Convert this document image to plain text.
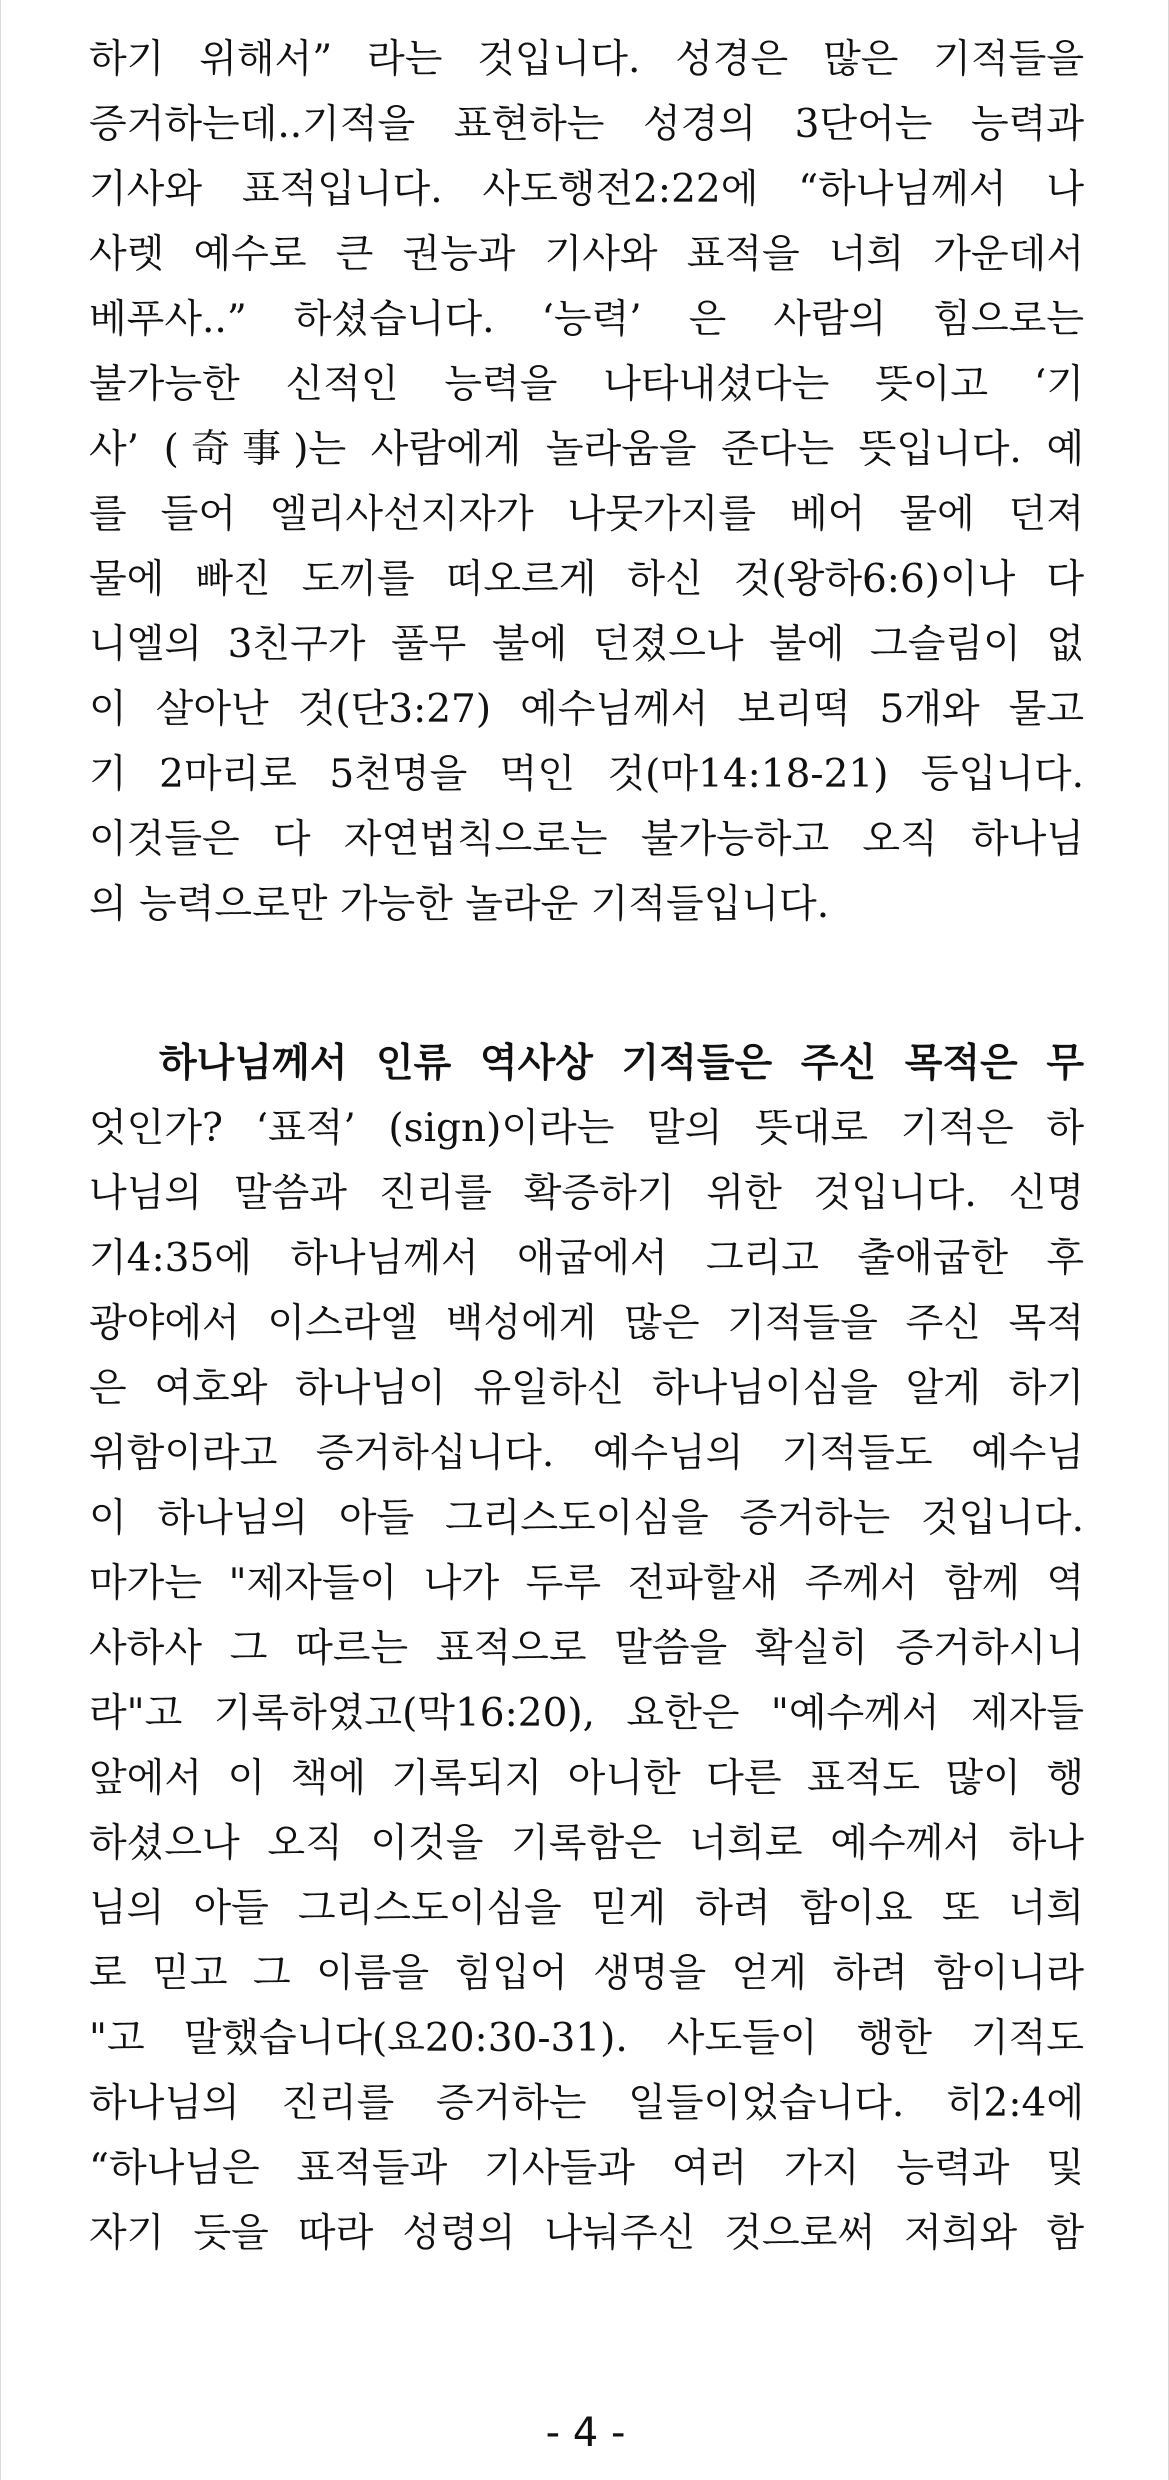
하기 위해서” 라는 것입니다. 성경은 많은 기적들을
증거하는데..기적을 표현하는 성경의 3단어는 능력과
기사와 표적입니다. 사도행전2:22에 “하나님께서 나
사렛 예수로 큰 권능과 기사와 표적을 너희 가운데서
베푸사..” 하셨습니다. ‘능력’ 은 사람의 힘으로는
불가능한 신적인 능력을 나타내셨다는 뜻이고 ‘기
사’ (奇事)는 사람에게 놀라움을 준다는 뜻입니다. 예
를 들어 엘리사선지자가 나뭇가지를 베어 물에 던져
물에 빠진 도끼를 떠오르게 하신 것(왕하6:6)이나 다
니엘의 3친구가 풀무 불에 던졌으나 불에 그슬림이 없
이 살아난 것(단3:27) 예수님께서 보리떡 5개와 물고
기 2마리로 5천명을 먹인 것(마14:18-21) 등입니다.
이것들은 다 자연법칙으로는 불가능하고 오직 하나님
의 능력으로만 가능한 놀라운 기적들입니다.
하나님께서 인류 역사상 기적들은 주신 목적은 무
엇인가? ‘표적’ (sign)이라는 말의 뜻대로 기적은 하
나님의 말씀과 진리를 확증하기 위한 것입니다. 신명
기4:35에 하나님께서 애굽에서 그리고 출애굽한 후
광야에서 이스라엘 백성에게 많은 기적들을 주신 목적
은 여호와 하나님이 유일하신 하나님이심을 알게 하기
위함이라고 증거하십니다. 예수님의 기적들도 예수님
이 하나님의 아들 그리스도이심을 증거하는 것입니다.
마가는 "제자들이 나가 두루 전파할새 주께서 함께 역
사하사 그 따르는 표적으로 말씀을 확실히 증거하시니
라"고 기록하였고(막16:20), 요한은 "예수께서 제자들
앞에서 이 책에 기록되지 아니한 다른 표적도 많이 행
하셨으나 오직 이것을 기록함은 너희로 예수께서 하나
님의 아들 그리스도이심을 믿게 하려 함이요 또 너희
로 믿고 그 이름을 힘입어 생명을 얻게 하려 함이니라
"고 말했습니다(요20:30-31). 사도들이 행한 기적도
하나님의 진리를 증거하는 일들이었습니다. 히2:4에
“하나님은 표적들과 기사들과 여러 가지 능력과 및
자기 듯을 따라 성령의 나눠주신 것으로써 저희와 함
- 4 -
